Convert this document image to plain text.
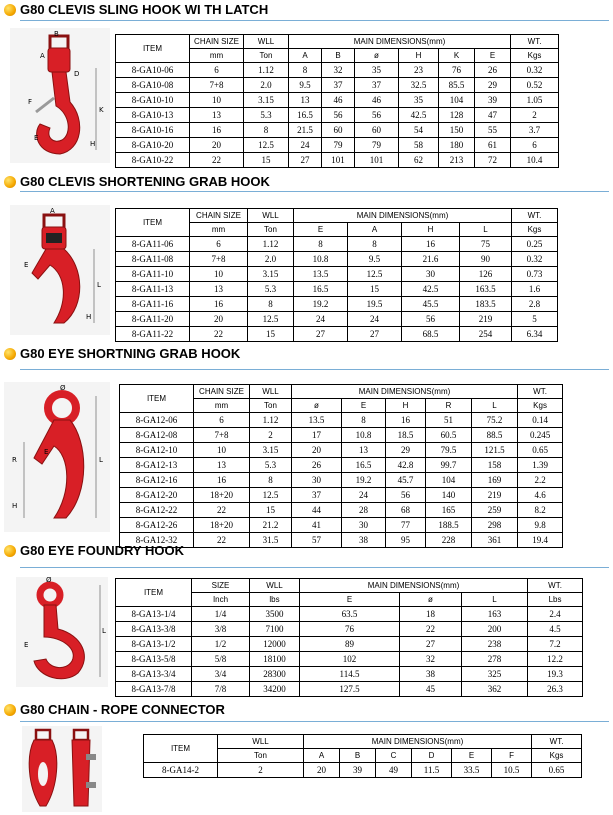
G80 CLEVIS SLING HOOK WI TH LATCH
B
A
D
F
K
E
H
ITEM	CHAIN SIZE	WLL	MAIN DIMENSIONS(mm)						WT.
	mm	Ton	A	B	ø	H	K	E	Kgs
8-GA10-06	6	1.12	8	32	35	23	76	26	0.32
8-GA10-08	7+8	2.0	9.5	37	37	32.5	85.5	29	0.52
8-GA10-10	10	3.15	13	46	46	35	104	39	1.05
8-GA10-13	13	5.3	16.5	56	56	42.5	128	47	2
8-GA10-16	16	8	21.5	60	60	54	150	55	3.7
8-GA10-20	20	12.5	24	79	79	58	180	61	6
8-GA10-22	22	15	27	101	101	62	213	72	10.4
G80 CLEVIS SHORTENING GRAB HOOK
A
E
L
H
ITEM	CHAIN SIZE	WLL	MAIN DIMENSIONS(mm)				WT.
	mm	Ton	E	A	H	L	Kgs
8-GA11-06	6	1.12	8	8	16	75	0.25
8-GA11-08	7+8	2.0	10.8	9.5	21.6	90	0.32
8-GA11-10	10	3.15	13.5	12.5	30	126	0.73
8-GA11-13	13	5.3	16.5	15	42.5	163.5	1.6
8-GA11-16	16	8	19.2	19.5	45.5	183.5	2.8
8-GA11-20	20	12.5	24	24	56	219	5
8-GA11-22	22	15	27	27	68.5	254	6.34
G80 EYE SHORTNING GRAB HOOK
Ø
R
E
L
H
ITEM	CHAIN SIZE	WLL	MAIN DIMENSIONS(mm)					WT.
	mm	Ton	ø	E	H	R	L	Kgs
8-GA12-06	6	1.12	13.5	8	16	51	75.2	0.14
8-GA12-08	7+8	2	17	10.8	18.5	60.5	88.5	0.245
8-GA12-10	10	3.15	20	13	29	79.5	121.5	0.65
8-GA12-13	13	5.3	26	16.5	42.8	99.7	158	1.39
8-GA12-16	16	8	30	19.2	45.7	104	169	2.2
8-GA12-20	18+20	12.5	37	24	56	140	219	4.6
8-GA12-22	22	15	44	28	68	165	259	8.2
8-GA12-26	18+20	21.2	41	30	77	188.5	298	9.8
8-GA12-32	22	31.5	57	38	95	228	361	19.4
G80 EYE FOUNDRY HOOK
Ø
E
L
ITEM	SIZE	WLL	MAIN DIMENSIONS(mm)			WT.
	Inch	lbs	E	ø	L	Lbs
8-GA13-1/4	1/4	3500	63.5	18	163	2.4
8-GA13-3/8	3/8	7100	76	22	200	4.5
8-GA13-1/2	1/2	12000	89	27	238	7.2
8-GA13-5/8	5/8	18100	102	32	278	12.2
8-GA13-3/4	3/4	28300	114.5	38	325	19.3
8-GA13-7/8	7/8	34200	127.5	45	362	26.3
G80 CHAIN - ROPE CONNECTOR
ITEM	WLL	MAIN DIMENSIONS(mm)						WT.
	Ton	A	B	C	D	E	F	Kgs
8-GA14-2	2	20	39	49	11.5	33.5	10.5	0.65
